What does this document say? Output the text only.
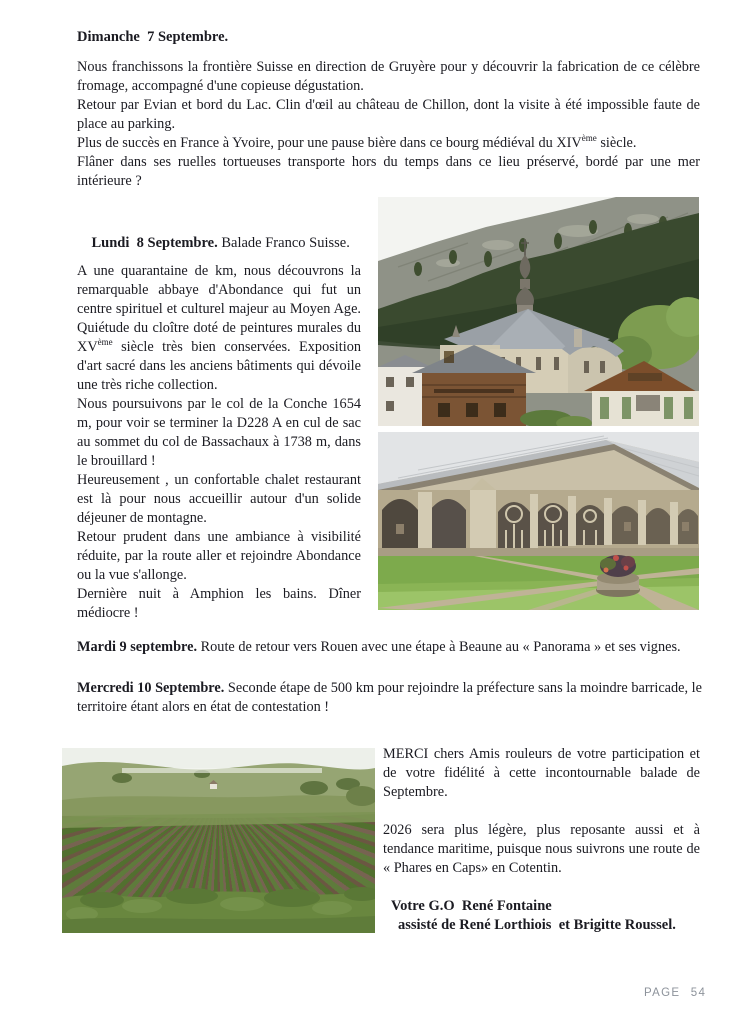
Dimanche  7 Septembre.

Nous franchissons la frontière Suisse en direction de Gruyère pour y découvrir la fabrication de ce célèbre fromage, accompagné d'une copieuse dégustation.

Retour par Evian et bord du Lac. Clin d'œil au château de Chillon, dont la visite à été impossible faute de place au parking.

Plus de succès en France à Yvoire, pour une pause bière dans ce bourg médiéval du XIVème siècle.

Flâner dans ses ruelles tortueuses transporte hors du temps dans ce lieu préservé, bordé par une mer intérieure ?

Lundi  8 Septembre. Balade Franco Suisse.

A une quarantaine de km, nous découvrons la remarquable abbaye d'Abondance qui fut un centre spirituel et culturel majeur au Moyen Age. Quiétude du cloître doté de peintures murales du XVème siècle très bien conservées. Exposition d'art sacré dans les anciens bâtiments qui dévoile une très riche collection.

Nous poursuivons par le col de la Conche 1654 m, pour voir se terminer la D228 A en cul de sac au sommet du col de Bassachaux à 1738 m, dans le brouillard !

Heureusement , un confortable chalet restaurant est là pour nous accueillir autour d'un solide déjeuner de montagne.

Retour prudent dans une ambiance à visibilité réduite, par la route aller et rejoindre Abondance ou la vue s'allonge.

Dernière nuit à Amphion les bains. Dîner médiocre !

Mardi 9 septembre. Route de retour vers Rouen avec une étape à Beaune au « Panorama » et ses vignes.

Mercredi 10 Septembre. Seconde étape de 500 km pour rejoindre la préfecture sans la moindre barricade, le territoire étant alors en état de contestation !

MERCI chers Amis rouleurs de votre participation et de votre fidélité à cette incontournable balade de Septembre.

2026 sera plus légère, plus reposante aussi et à tendance maritime, puisque nous suivrons une route de « Phares en Caps» en Cotentin.

Votre G.O  René Fontaine
assisté de René Lorthiois  et Brigitte Roussel.
PAGE 54
